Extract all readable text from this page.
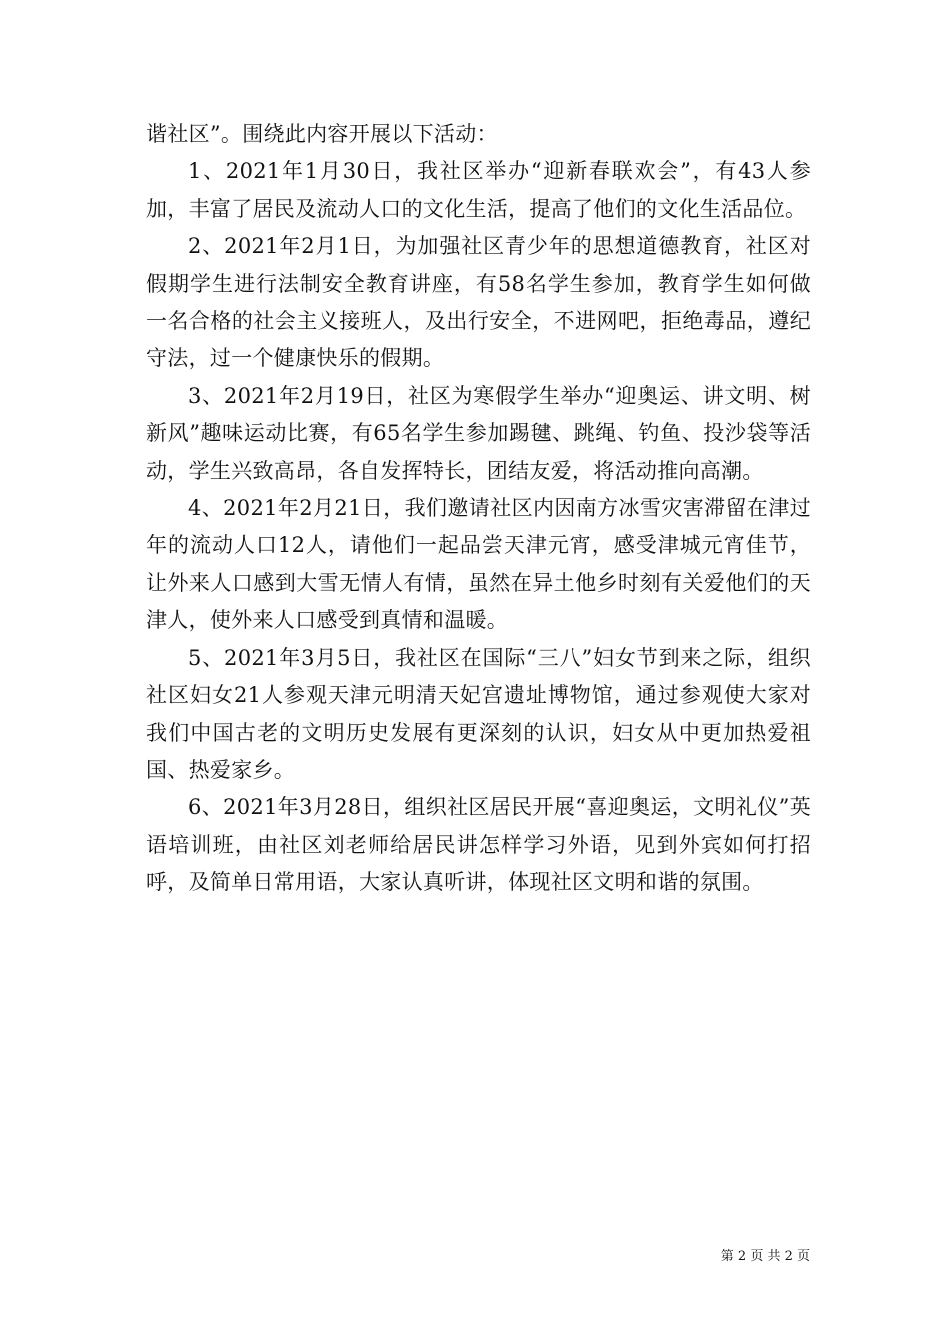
谐社区”。围绕此内容开展以下活动：

1、2021年1月30日，我社区举办“迎新春联欢会”，有43人参加，丰富了居民及流动人口的文化生活，提高了他们的文化生活品位。

2、2021年2月1日，为加强社区青少年的思想道德教育，社区对假期学生进行法制安全教育讲座，有58名学生参加，教育学生如何做一名合格的社会主义接班人，及出行安全，不进网吧，拒绝毒品，遵纪守法，过一个健康快乐的假期。

3、2021年2月19日，社区为寒假学生举办“迎奥运、讲文明、树新风”趣味运动比赛，有65名学生参加踢毽、跳绳、钓鱼、投沙袋等活动，学生兴致高昂，各自发挥特长，团结友爱，将活动推向高潮。

4、2021年2月21日，我们邀请社区内因南方冰雪灾害滞留在津过年的流动人口12人，请他们一起品尝天津元宵，感受津城元宵佳节，让外来人口感到大雪无情人有情，虽然在异土他乡时刻有关爱他们的天津人，使外来人口感受到真情和温暖。

5、2021年3月5日，我社区在国际“三八”妇女节到来之际，组织社区妇女21人参观天津元明清天妃宫遗址博物馆，通过参观使大家对我们中国古老的文明历史发展有更深刻的认识，妇女从中更加热爱祖国、热爱家乡。

6、2021年3月28日，组织社区居民开展“喜迎奥运，文明礼仪”英语培训班，由社区刘老师给居民讲怎样学习外语，见到外宾如何打招呼，及简单日常用语，大家认真听讲，体现社区文明和谐的氛围。

第 2 页 共 2 页
